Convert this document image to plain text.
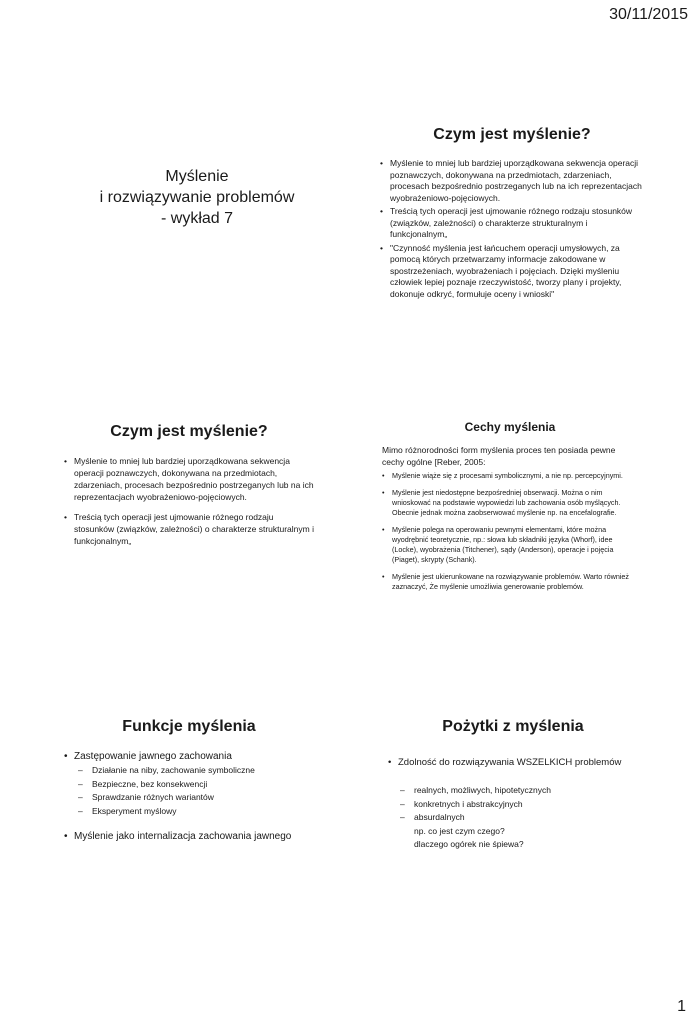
30/11/2015
Myślenie
i rozwiązywanie problemów
- wykład 7
Czym jest myślenie?
• Myślenie to mniej lub bardziej uporządkowana sekwencja operacji poznawczych, dokonywana na przedmiotach, zdarzeniach, procesach bezpośrednio postrzeganych lub na ich reprezentacjach wyobrażeniowo-pojęciowych.
• Treścią tych operacji jest ujmowanie różnego rodzaju stosunków (związków, zależności) o charakterze strukturalnym i funkcjonalnym„
• "Czynność myślenia jest łańcuchem operacji umysłowych, za pomocą których przetwarzamy informacje zakodowane w spostrzeżeniach, wyobrażeniach i pojęciach. Dzięki myśleniu człowiek lepiej poznaje rzeczywistość, tworzy plany i projekty, dokonuje odkryć, formułuje oceny i wnioski"
Czym jest myślenie?
• Myślenie to mniej lub bardziej uporządkowana sekwencja operacji poznawczych, dokonywana na przedmiotach, zdarzeniach, procesach bezpośrednio postrzeganych lub na ich reprezentacjach wyobrażeniowo-pojęciowych.
• Treścią tych operacji jest ujmowanie różnego rodzaju stosunków (związków, zależności) o charakterze strukturalnym i funkcjonalnym„
Cechy myślenia
Mimo różnorodności form myślenia proces ten posiada pewne cechy ogólne [Reber, 2005:
• Myślenie wiąże się z procesami symbolicznymi, a nie np. percepcyjnymi.
• Myślenie jest niedostępne bezpośredniej obserwacji. Można o nim wnioskować na podstawie wypowiedzi lub zachowania osób myślących. Obecnie jednak można zaobserwować myślenie np. na encefalografie.
• Myślenie polega na operowaniu pewnymi elementami, które można wyodrębnić teoretycznie, np.: słowa lub składniki języka (Whorf), idee (Locke), wyobrażenia (Titchener), sądy (Anderson), operacje i pojęcia (Piaget), skrypty (Schank).
• Myślenie jest ukierunkowane na rozwiązywanie problemów. Warto również zaznaczyć, Że myślenie umożliwia generowanie problemów.
Funkcje myślenia
• Zastępowanie jawnego zachowania
– Działanie na niby, zachowanie symboliczne
– Bezpieczne, bez konsekwencji
– Sprawdzanie różnych wariantów
– Eksperyment myślowy
• Myślenie jako internalizacja zachowania jawnego
Pożytki z myślenia
• Zdolność do rozwiązywania WSZELKICH problemów
– realnych, możliwych, hipotetycznych
– konkretnych i abstrakcyjnych
– absurdalnych
np. co jest czym czego?
dlaczego ogórek nie śpiewa?
1
